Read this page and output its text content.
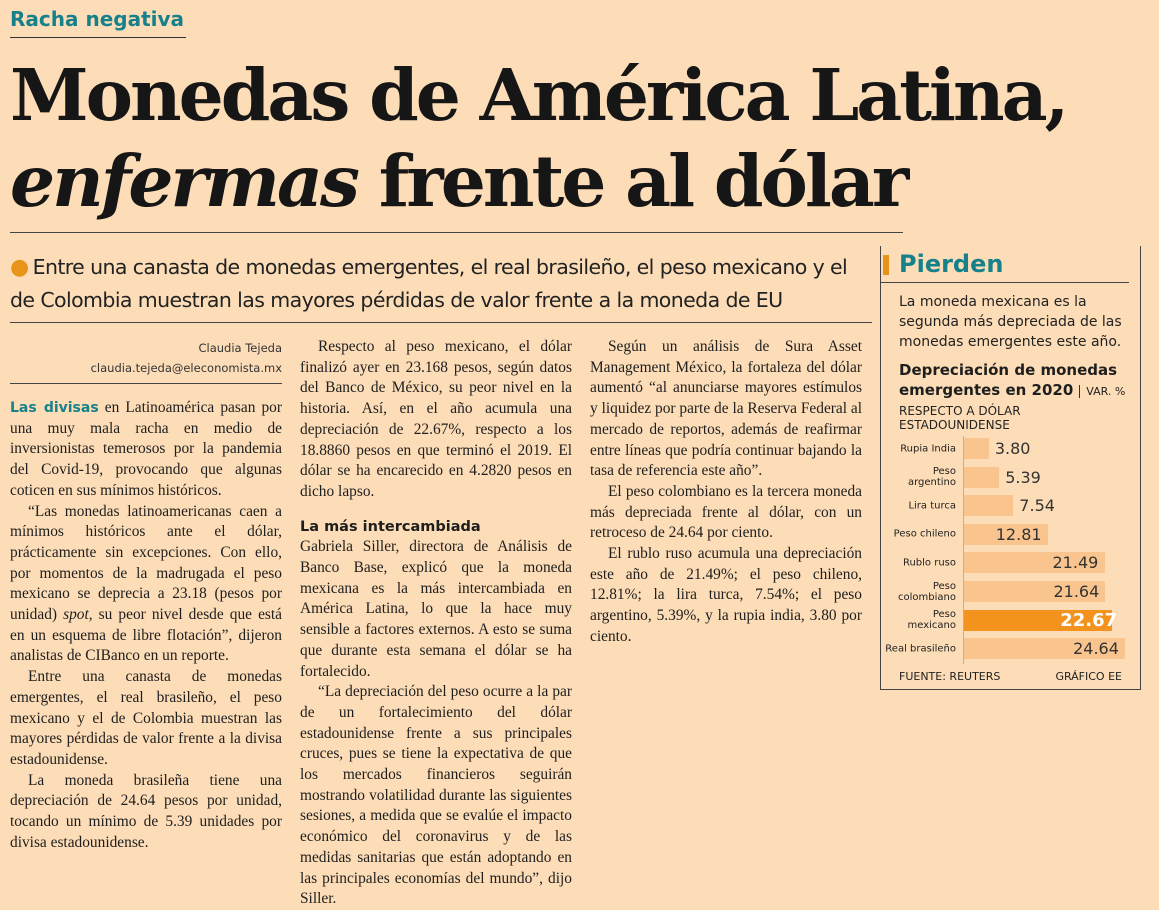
Racha negativa
Monedas de América Latina,
enfermas frente al dólar
● Entre una canasta de monedas emergentes, el real brasileño, el peso mexicano y el de Colombia muestran las mayores pérdidas de valor frente a la moneda de EU
Claudia Tejeda
claudia.tejeda@eleconomista.mx

Las divisas en Latinoamérica pasan por una muy mala racha en medio de inversionistas temerosos por la pandemia del Covid-19, provocando que algunas coticen en sus mínimos históricos.

“Las monedas latinoamericanas caen a mínimos históricos ante el dólar, prácticamente sin excepciones. Con ello, por momentos de la madrugada el peso mexicano se deprecia a 23.18 (pesos por unidad) spot, su peor nivel desde que está en un esquema de libre flotación”, dijeron analistas de CIBanco en un reporte.

Entre una canasta de monedas emergentes, el real brasileño, el peso mexicano y el de Colombia muestran las mayores pérdidas de valor frente a la divisa estadounidense.

La moneda brasileña tiene una depreciación de 24.64 pesos por unidad, tocando un mínimo de 5.39 unidades por divisa estadounidense.

Respecto al peso mexicano, el dólar finalizó ayer en 23.168 pesos, según datos del Banco de México, su peor nivel en la historia. Así, en el año acumula una depreciación de 22.67%, respecto a los 18.8860 pesos en que terminó el 2019. El dólar se ha encarecido en 4.2820 pesos en dicho lapso.

La más intercambiada

Gabriela Siller, directora de Análisis de Banco Base, explicó que la moneda mexicana es la más intercambiada en América Latina, lo que la hace muy sensible a factores externos. A esto se suma que durante esta semana el dólar se ha fortalecido.

“La depreciación del peso ocurre a la par de un fortalecimiento del dólar estadounidense frente a sus principales cruces, pues se tiene la expectativa de que los mercados financieros seguirán mostrando volatilidad durante las siguientes sesiones, a medida que se evalúe el impacto económico del coronavirus y de las medidas sanitarias que están adoptando en las principales economías del mundo”, dijo Siller.

Según un análisis de Sura Asset Management México, la fortaleza del dólar aumentó “al anunciarse mayores estímulos y liquidez por parte de la Reserva Federal al mercado de reportos, además de reafirmar entre líneas que podría continuar bajando la tasa de referencia este año”.

El peso colombiano es la tercera moneda más depreciada frente al dólar, con un retroceso de 24.64 por ciento.

El rublo ruso acumula una depreciación este año de 21.49%; el peso chileno, 12.81%; la lira turca, 7.54%; el peso argentino, 5.39%, y la rupia india, 3.80 por ciento.

Pierden
La moneda mexicana es la segunda más depreciada de las monedas emergentes este año.
Depreciación de monedas emergentes en 2020 VAR. %
RESPECTO A DÓLAR ESTADOUNIDENSE
Rupia India 3.80
Peso argentino	5.39
Lira turca	7.54
Peso chileno 12.81
Rublo ruso	21.49
Peso colombiano	21.64
Peso mexicano	22.67
Real brasileño	24.64
FUENTE: REUTERS	GRÁFICO EE
